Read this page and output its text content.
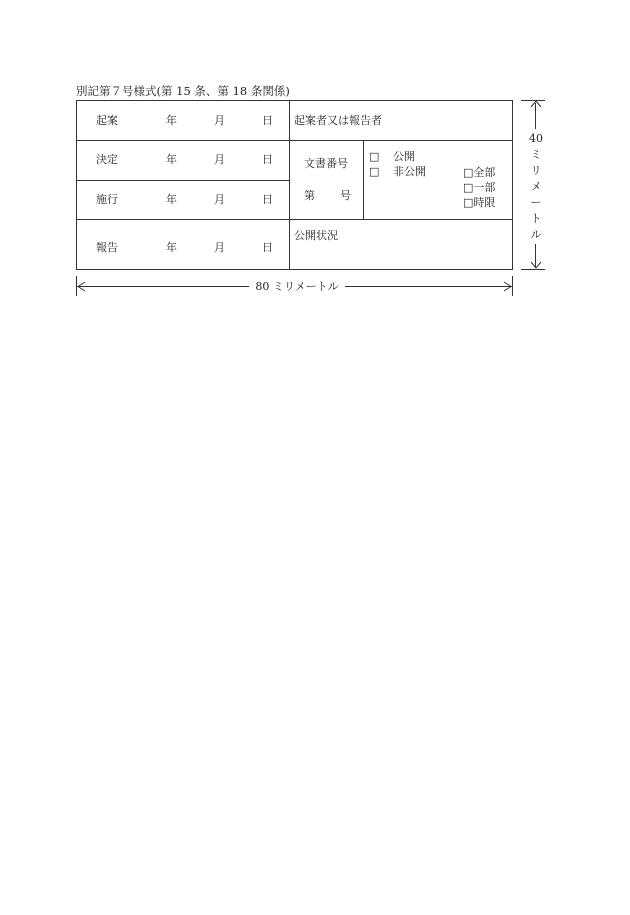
別記第７号様式(第 15 条、第 18 条関係)
起案	年	月	日
決定	年	月	日
施行	年	月	日
報告	年	月	日
起案者又は報告者
文書番号
第 号
□ 公開
□ 非公開	□全部
□一部
□時限
公開状況
40ミリメートル
80 ミリメートル
